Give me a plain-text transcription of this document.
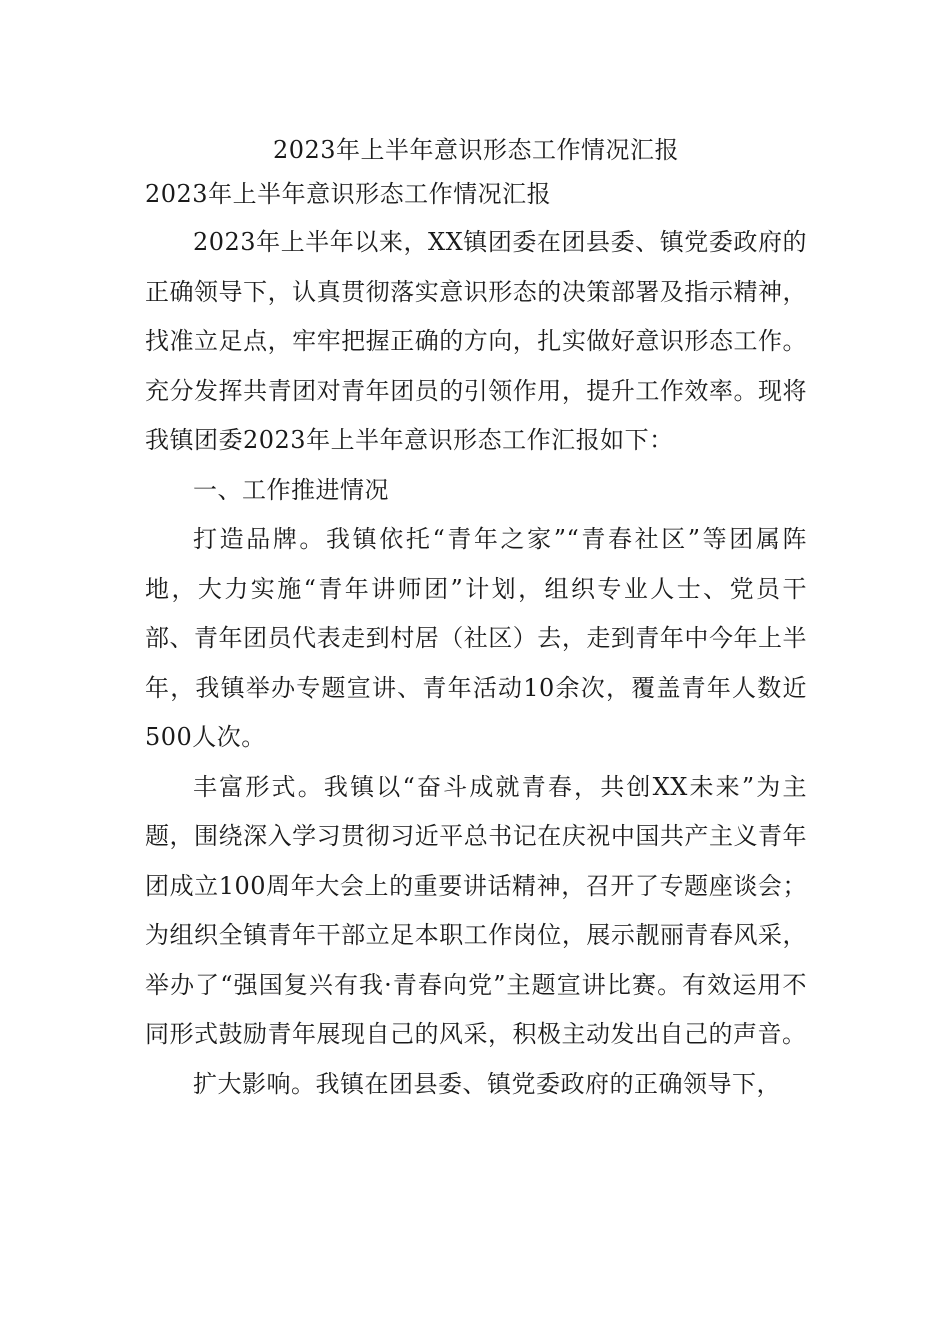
2023年上半年意识形态工作情况汇报
2023年上半年意识形态工作情况汇报

2023年上半年以来，XX镇团委在团县委、镇党委政府的正确领导下，认真贯彻落实意识形态的决策部署及指示精神，找准立足点，牢牢把握正确的方向，扎实做好意识形态工作。充分发挥共青团对青年团员的引领作用，提升工作效率。现将我镇团委2023年上半年意识形态工作汇报如下：

一、工作推进情况

打造品牌。我镇依托“青年之家”“青春社区”等团属阵地，大力实施“青年讲师团”计划，组织专业人士、党员干部、青年团员代表走到村居（社区）去，走到青年中今年上半年，我镇举办专题宣讲、青年活动10余次，覆盖青年人数近500人次。

丰富形式。我镇以“奋斗成就青春，共创XX未来”为主题，围绕深入学习贯彻习近平总书记在庆祝中国共产主义青年团成立100周年大会上的重要讲话精神，召开了专题座谈会；为组织全镇青年干部立足本职工作岗位，展示靓丽青春风采，举办了“强国复兴有我·青春向党”主题宣讲比赛。有效运用不同形式鼓励青年展现自己的风采，积极主动发出自己的声音。

扩大影响。我镇在团县委、镇党委政府的正确领导下，
